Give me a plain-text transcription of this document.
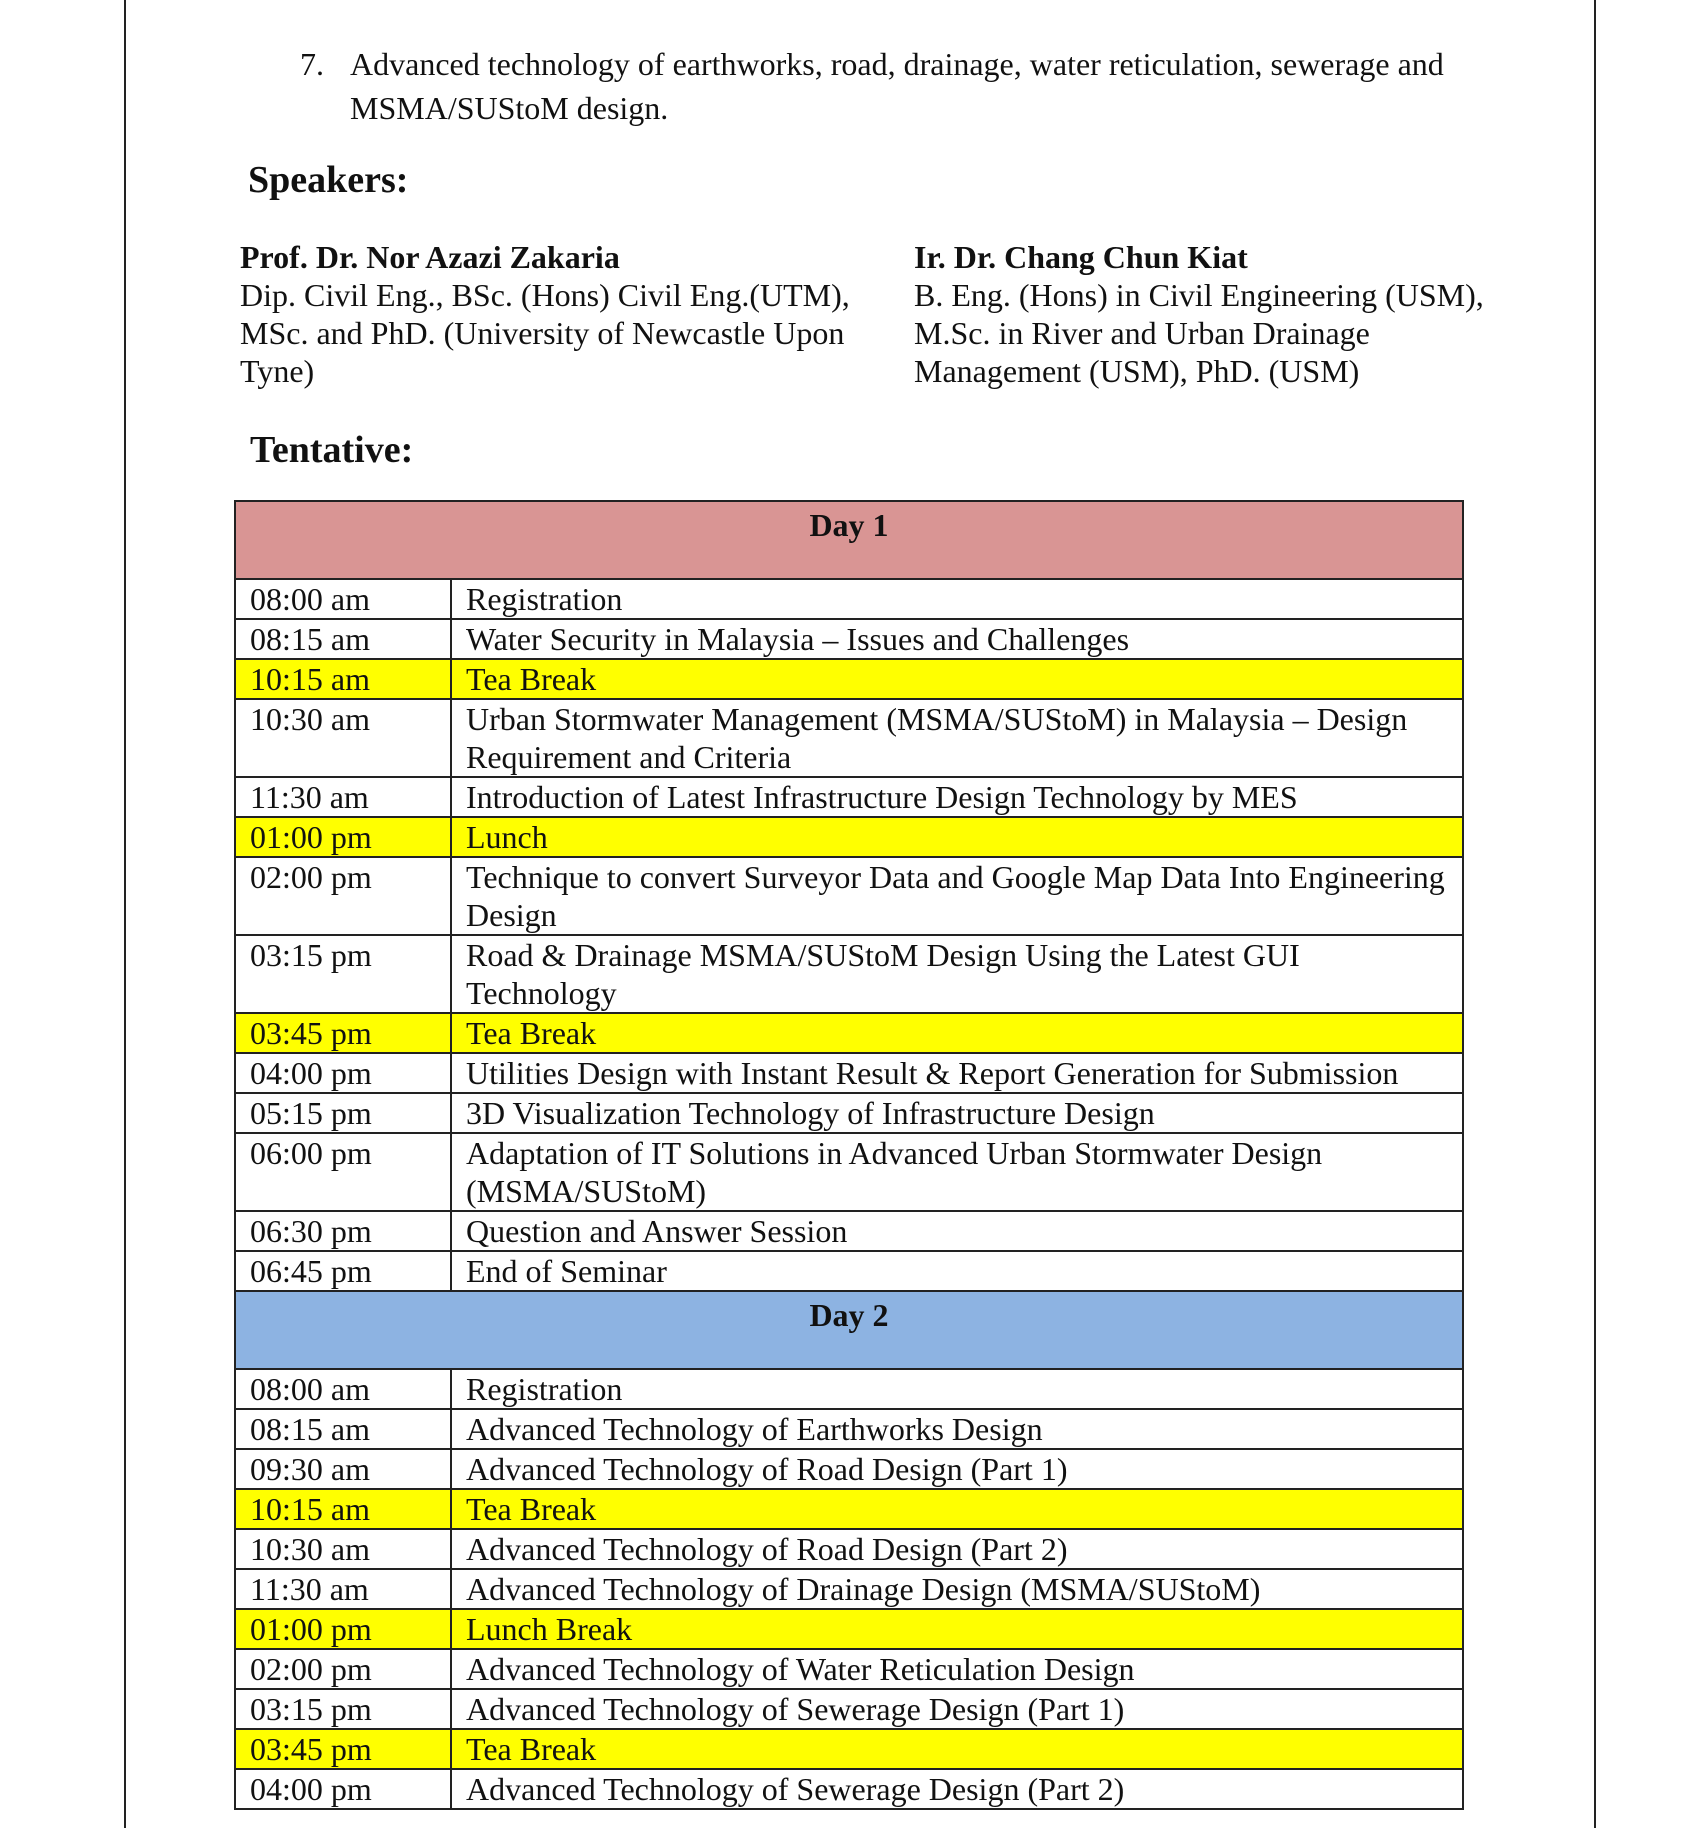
7. Advanced technology of earthworks, road, drainage, water reticulation, sewerage and MSMA/SUStoM design.
Speakers:
Prof. Dr. Nor Azazi Zakaria
Dip. Civil Eng., BSc. (Hons) Civil Eng.(UTM),
MSc. and PhD. (University of Newcastle Upon
Tyne)
Ir. Dr. Chang Chun Kiat
B. Eng. (Hons) in Civil Engineering (USM),
M.Sc. in River and Urban Drainage
Management (USM), PhD. (USM)
Tentative:
Day 1	
08:00 am	Registration
08:15 am	Water Security in Malaysia – Issues and Challenges
10:15 am	Tea Break
10:30 am	Urban Stormwater Management (MSMA/SUStoM) in Malaysia – Design Requirement and Criteria
11:30 am	Introduction of Latest Infrastructure Design Technology by MES
01:00 pm	Lunch
02:00 pm	Technique to convert Surveyor Data and Google Map Data Into Engineering Design
03:15 pm	Road & Drainage MSMA/SUStoM Design Using the Latest GUI Technology
03:45 pm	Tea Break
04:00 pm	Utilities Design with Instant Result & Report Generation for Submission
05:15 pm	3D Visualization Technology of Infrastructure Design
06:00 pm	Adaptation of IT Solutions in Advanced Urban Stormwater Design (MSMA/SUStoM)
06:30 pm	Question and Answer Session
06:45 pm	End of Seminar
Day 2	
08:00 am	Registration
08:15 am	Advanced Technology of Earthworks Design
09:30 am	Advanced Technology of Road Design (Part 1)
10:15 am	Tea Break
10:30 am	Advanced Technology of Road Design (Part 2)
11:30 am	Advanced Technology of Drainage Design (MSMA/SUStoM)
01:00 pm	Lunch Break
02:00 pm	Advanced Technology of Water Reticulation Design
03:15 pm	Advanced Technology of Sewerage Design (Part 1)
03:45 pm	Tea Break
04:00 pm	Advanced Technology of Sewerage Design (Part 2)
